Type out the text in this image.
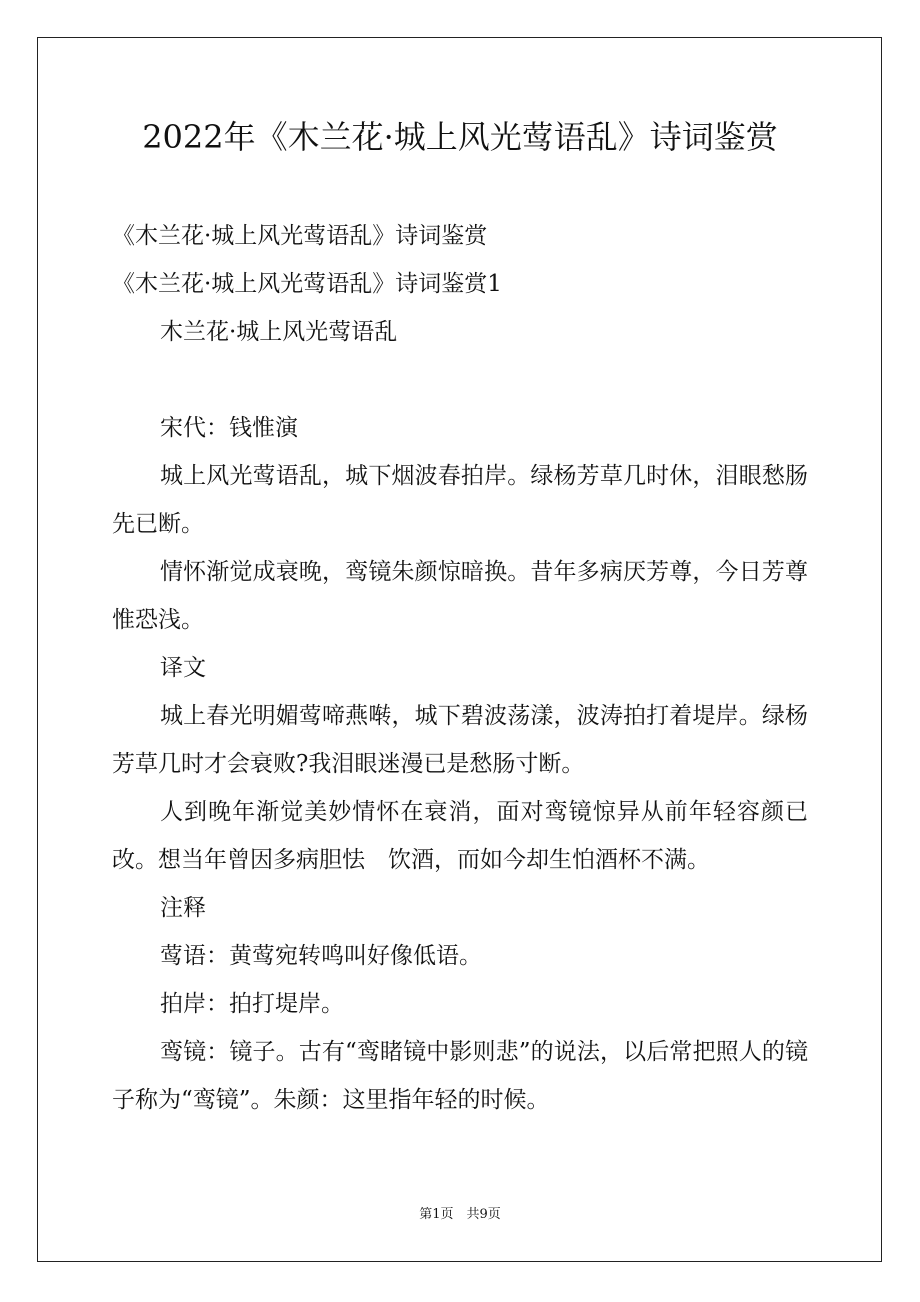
2022年《木兰花·城上风光莺语乱》诗词鉴赏

《木兰花·城上风光莺语乱》诗词鉴赏

《木兰花·城上风光莺语乱》诗词鉴赏1

木兰花·城上风光莺语乱

宋代：钱惟演

城上风光莺语乱，城下烟波春拍岸。绿杨芳草几时休，泪眼愁肠先已断。

情怀渐觉成衰晚，鸾镜朱颜惊暗换。昔年多病厌芳尊，今日芳尊惟恐浅。

译文

城上春光明媚莺啼燕啭，城下碧波荡漾，波涛拍打着堤岸。绿杨芳草几时才会衰败?我泪眼迷漫已是愁肠寸断。

人到晚年渐觉美妙情怀在衰消，面对鸾镜惊异从前年轻容颜已改。想当年曾因多病胆怯　饮酒，而如今却生怕酒杯不满。

注释

莺语：黄莺宛转鸣叫好像低语。

拍岸：拍打堤岸。

鸾镜：镜子。古有“鸾睹镜中影则悲”的说法，以后常把照人的镜子称为“鸾镜”。朱颜：这里指年轻的时候。

第1页　共9页
